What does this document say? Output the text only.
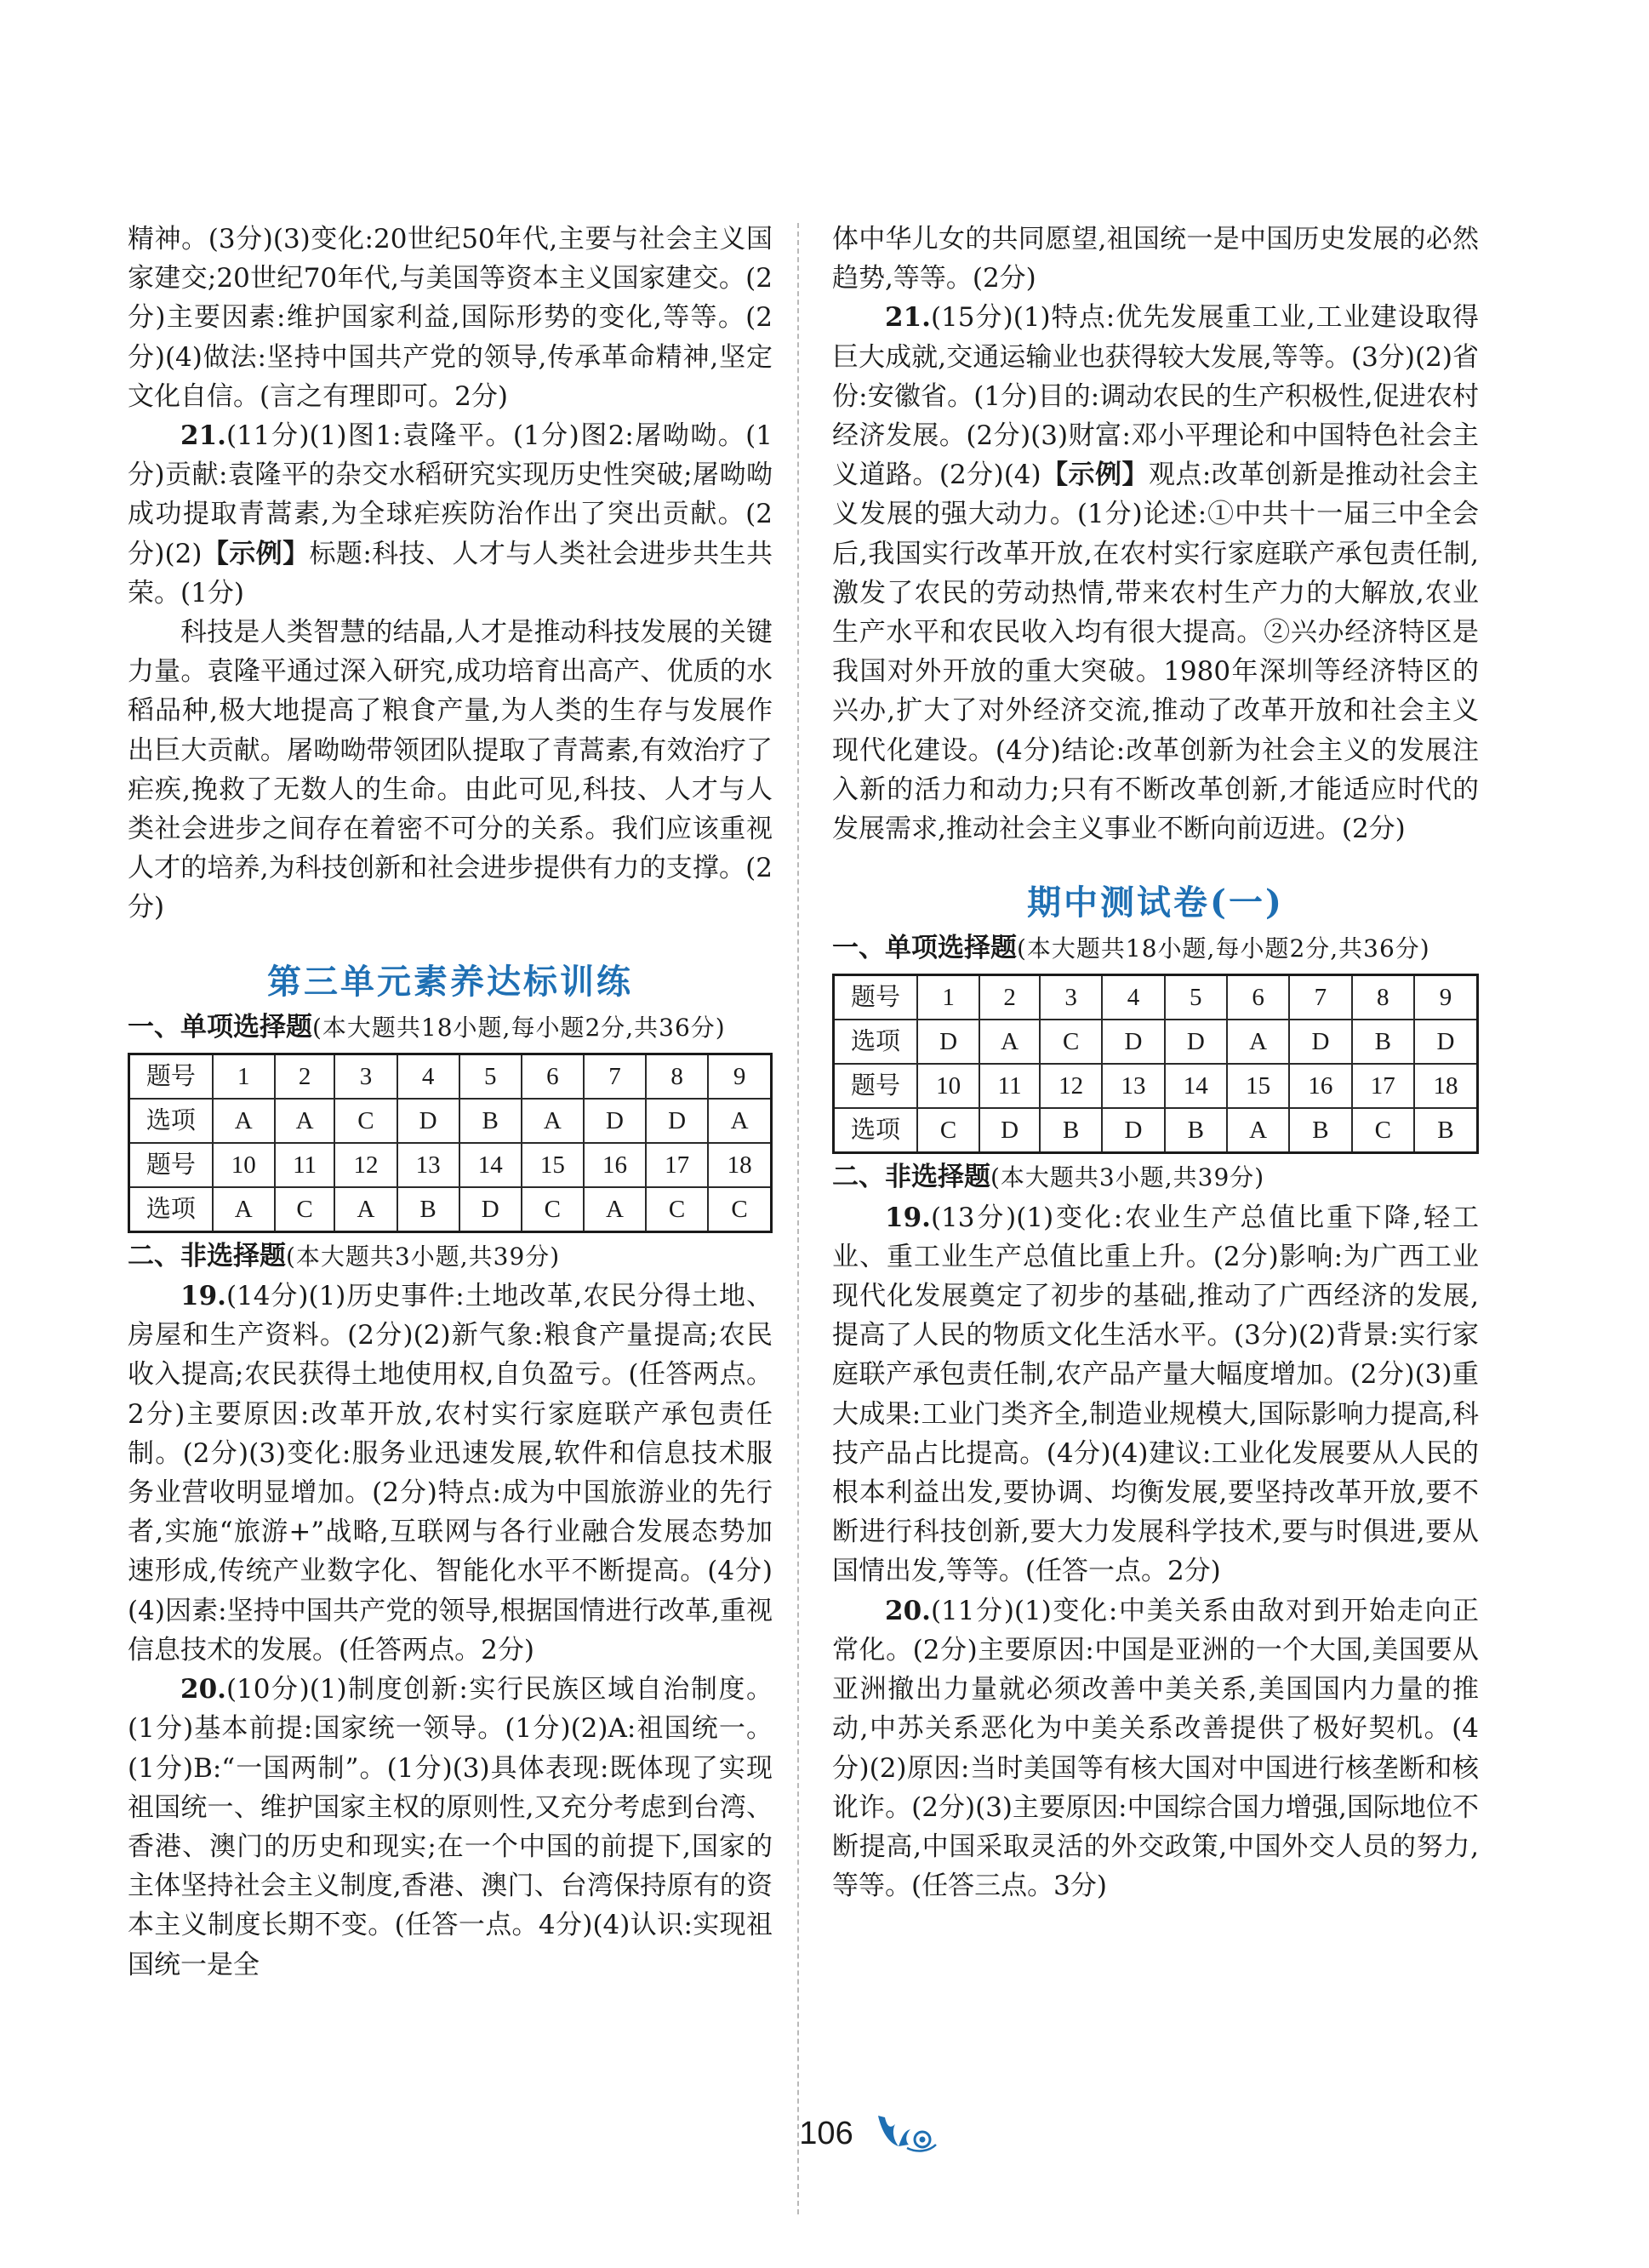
精神。(3分)(3)变化:20世纪50年代,主要与社会主义国家建交;20世纪70年代,与美国等资本主义国家建交。(2分)主要因素:维护国家利益,国际形势的变化,等等。(2分)(4)做法:坚持中国共产党的领导,传承革命精神,坚定文化自信。(言之有理即可。2分)

21.(11分)(1)图1:袁隆平。(1分)图2:屠呦呦。(1分)贡献:袁隆平的杂交水稻研究实现历史性突破;屠呦呦成功提取青蒿素,为全球疟疾防治作出了突出贡献。(2分)(2)【示例】标题:科技、人才与人类社会进步共生共荣。(1分)

科技是人类智慧的结晶,人才是推动科技发展的关键力量。袁隆平通过深入研究,成功培育出高产、优质的水稻品种,极大地提高了粮食产量,为人类的生存与发展作出巨大贡献。屠呦呦带领团队提取了青蒿素,有效治疗了疟疾,挽救了无数人的生命。由此可见,科技、人才与人类社会进步之间存在着密不可分的关系。我们应该重视人才的培养,为科技创新和社会进步提供有力的支撑。(2分)

第三单元素养达标训练

一、单项选择题(本大题共18小题,每小题2分,共36分)

题号	1	2	3	4	5	6	7	8	9
选项	A	A	C	D	B	A	D	D	A
题号	10	11	12	13	14	15	16	17	18
选项	A	C	A	B	D	C	A	C	C

二、非选择题(本大题共3小题,共39分)

19.(14分)(1)历史事件:土地改革,农民分得土地、房屋和生产资料。(2分)(2)新气象:粮食产量提高;农民收入提高;农民获得土地使用权,自负盈亏。(任答两点。2分)主要原因:改革开放,农村实行家庭联产承包责任制。(2分)(3)变化:服务业迅速发展,软件和信息技术服务业营收明显增加。(2分)特点:成为中国旅游业的先行者,实施“旅游+”战略,互联网与各行业融合发展态势加速形成,传统产业数字化、智能化水平不断提高。(4分)(4)因素:坚持中国共产党的领导,根据国情进行改革,重视信息技术的发展。(任答两点。2分)

20.(10分)(1)制度创新:实行民族区域自治制度。(1分)基本前提:国家统一领导。(1分)(2)A:祖国统一。(1分)B:“一国两制”。(1分)(3)具体表现:既体现了实现祖国统一、维护国家主权的原则性,又充分考虑到台湾、香港、澳门的历史和现实;在一个中国的前提下,国家的主体坚持社会主义制度,香港、澳门、台湾保持原有的资本主义制度长期不变。(任答一点。4分)(4)认识:实现祖国统一是全

体中华儿女的共同愿望,祖国统一是中国历史发展的必然趋势,等等。(2分)

21.(15分)(1)特点:优先发展重工业,工业建设取得巨大成就,交通运输业也获得较大发展,等等。(3分)(2)省份:安徽省。(1分)目的:调动农民的生产积极性,促进农村经济发展。(2分)(3)财富:邓小平理论和中国特色社会主义道路。(2分)(4)【示例】观点:改革创新是推动社会主义发展的强大动力。(1分)论述:①中共十一届三中全会后,我国实行改革开放,在农村实行家庭联产承包责任制,激发了农民的劳动热情,带来农村生产力的大解放,农业生产水平和农民收入均有很大提高。②兴办经济特区是我国对外开放的重大突破。1980年深圳等经济特区的兴办,扩大了对外经济交流,推动了改革开放和社会主义现代化建设。(4分)结论:改革创新为社会主义的发展注入新的活力和动力;只有不断改革创新,才能适应时代的发展需求,推动社会主义事业不断向前迈进。(2分)

期中测试卷(一)

一、单项选择题(本大题共18小题,每小题2分,共36分)

题号	1	2	3	4	5	6	7	8	9
选项	D	A	C	D	D	A	D	B	D
题号	10	11	12	13	14	15	16	17	18
选项	C	D	B	D	B	A	B	C	B

二、非选择题(本大题共3小题,共39分)

19.(13分)(1)变化:农业生产总值比重下降,轻工业、重工业生产总值比重上升。(2分)影响:为广西工业现代化发展奠定了初步的基础,推动了广西经济的发展,提高了人民的物质文化生活水平。(3分)(2)背景:实行家庭联产承包责任制,农产品产量大幅度增加。(2分)(3)重大成果:工业门类齐全,制造业规模大,国际影响力提高,科技产品占比提高。(4分)(4)建议:工业化发展要从人民的根本利益出发,要协调、均衡发展,要坚持改革开放,要不断进行科技创新,要大力发展科学技术,要与时俱进,要从国情出发,等等。(任答一点。2分)

20.(11分)(1)变化:中美关系由敌对到开始走向正常化。(2分)主要原因:中国是亚洲的一个大国,美国要从亚洲撤出力量就必须改善中美关系,美国国内力量的推动,中苏关系恶化为中美关系改善提供了极好契机。(4分)(2)原因:当时美国等有核大国对中国进行核垄断和核讹诈。(2分)(3)主要原因:中国综合国力增强,国际地位不断提高,中国采取灵活的外交政策,中国外交人员的努力,等等。(任答三点。3分)

106
